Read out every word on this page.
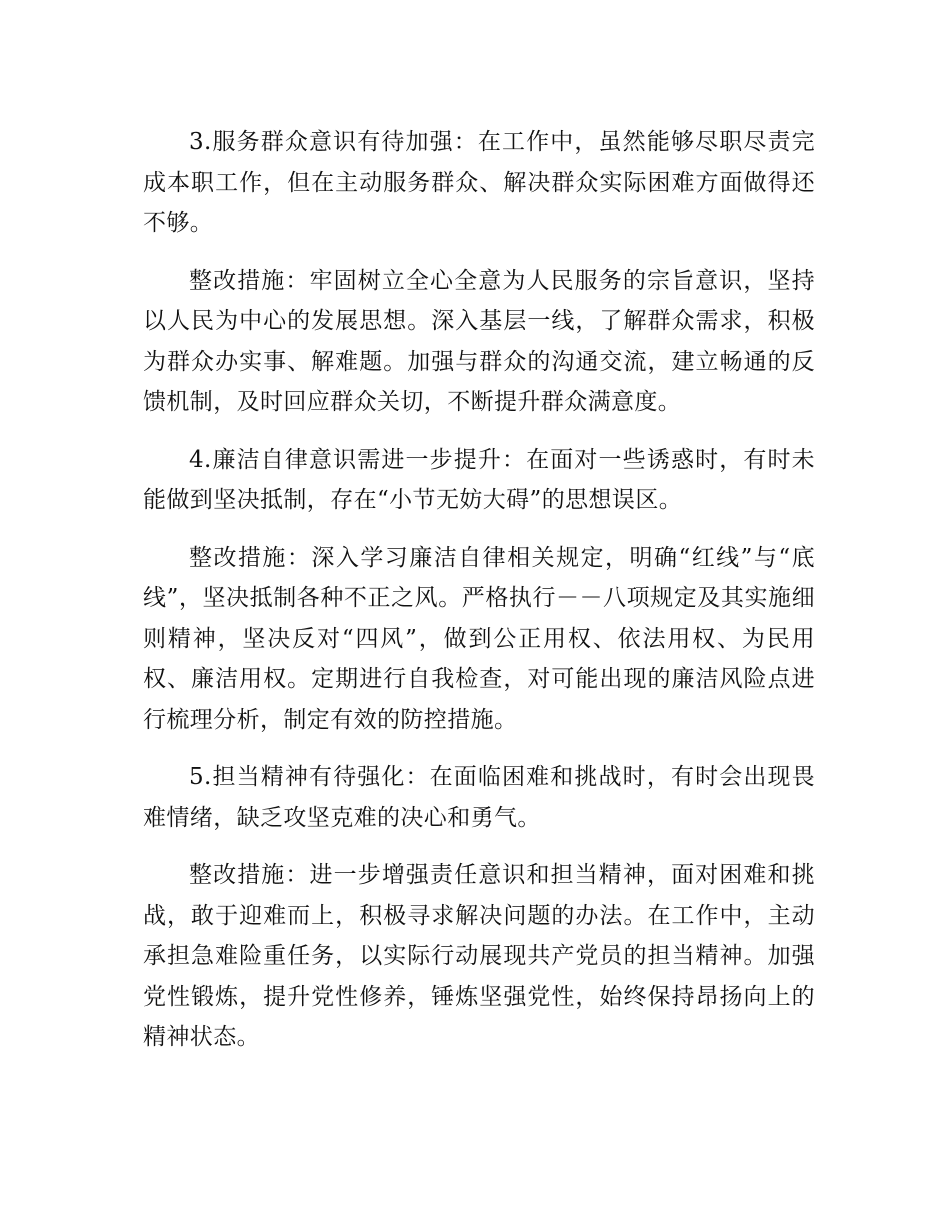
3.服务群众意识有待加强：在工作中，虽然能够尽职尽责完成本职工作，但在主动服务群众、解决群众实际困难方面做得还不够。

整改措施：牢固树立全心全意为人民服务的宗旨意识，坚持以人民为中心的发展思想。深入基层一线，了解群众需求，积极为群众办实事、解难题。加强与群众的沟通交流，建立畅通的反馈机制，及时回应群众关切，不断提升群众满意度。

4.廉洁自律意识需进一步提升：在面对一些诱惑时，有时未能做到坚决抵制，存在“小节无妨大碍”的思想误区。

整改措施：深入学习廉洁自律相关规定，明确“红线”与“底线”，坚决抵制各种不正之风。严格执行－－八项规定及其实施细则精神，坚决反对“四风”，做到公正用权、依法用权、为民用权、廉洁用权。定期进行自我检查，对可能出现的廉洁风险点进行梳理分析，制定有效的防控措施。

5.担当精神有待强化：在面临困难和挑战时，有时会出现畏难情绪，缺乏攻坚克难的决心和勇气。

整改措施：进一步增强责任意识和担当精神，面对困难和挑战，敢于迎难而上，积极寻求解决问题的办法。在工作中，主动承担急难险重任务，以实际行动展现共产党员的担当精神。加强党性锻炼，提升党性修养，锤炼坚强党性，始终保持昂扬向上的精神状态。
